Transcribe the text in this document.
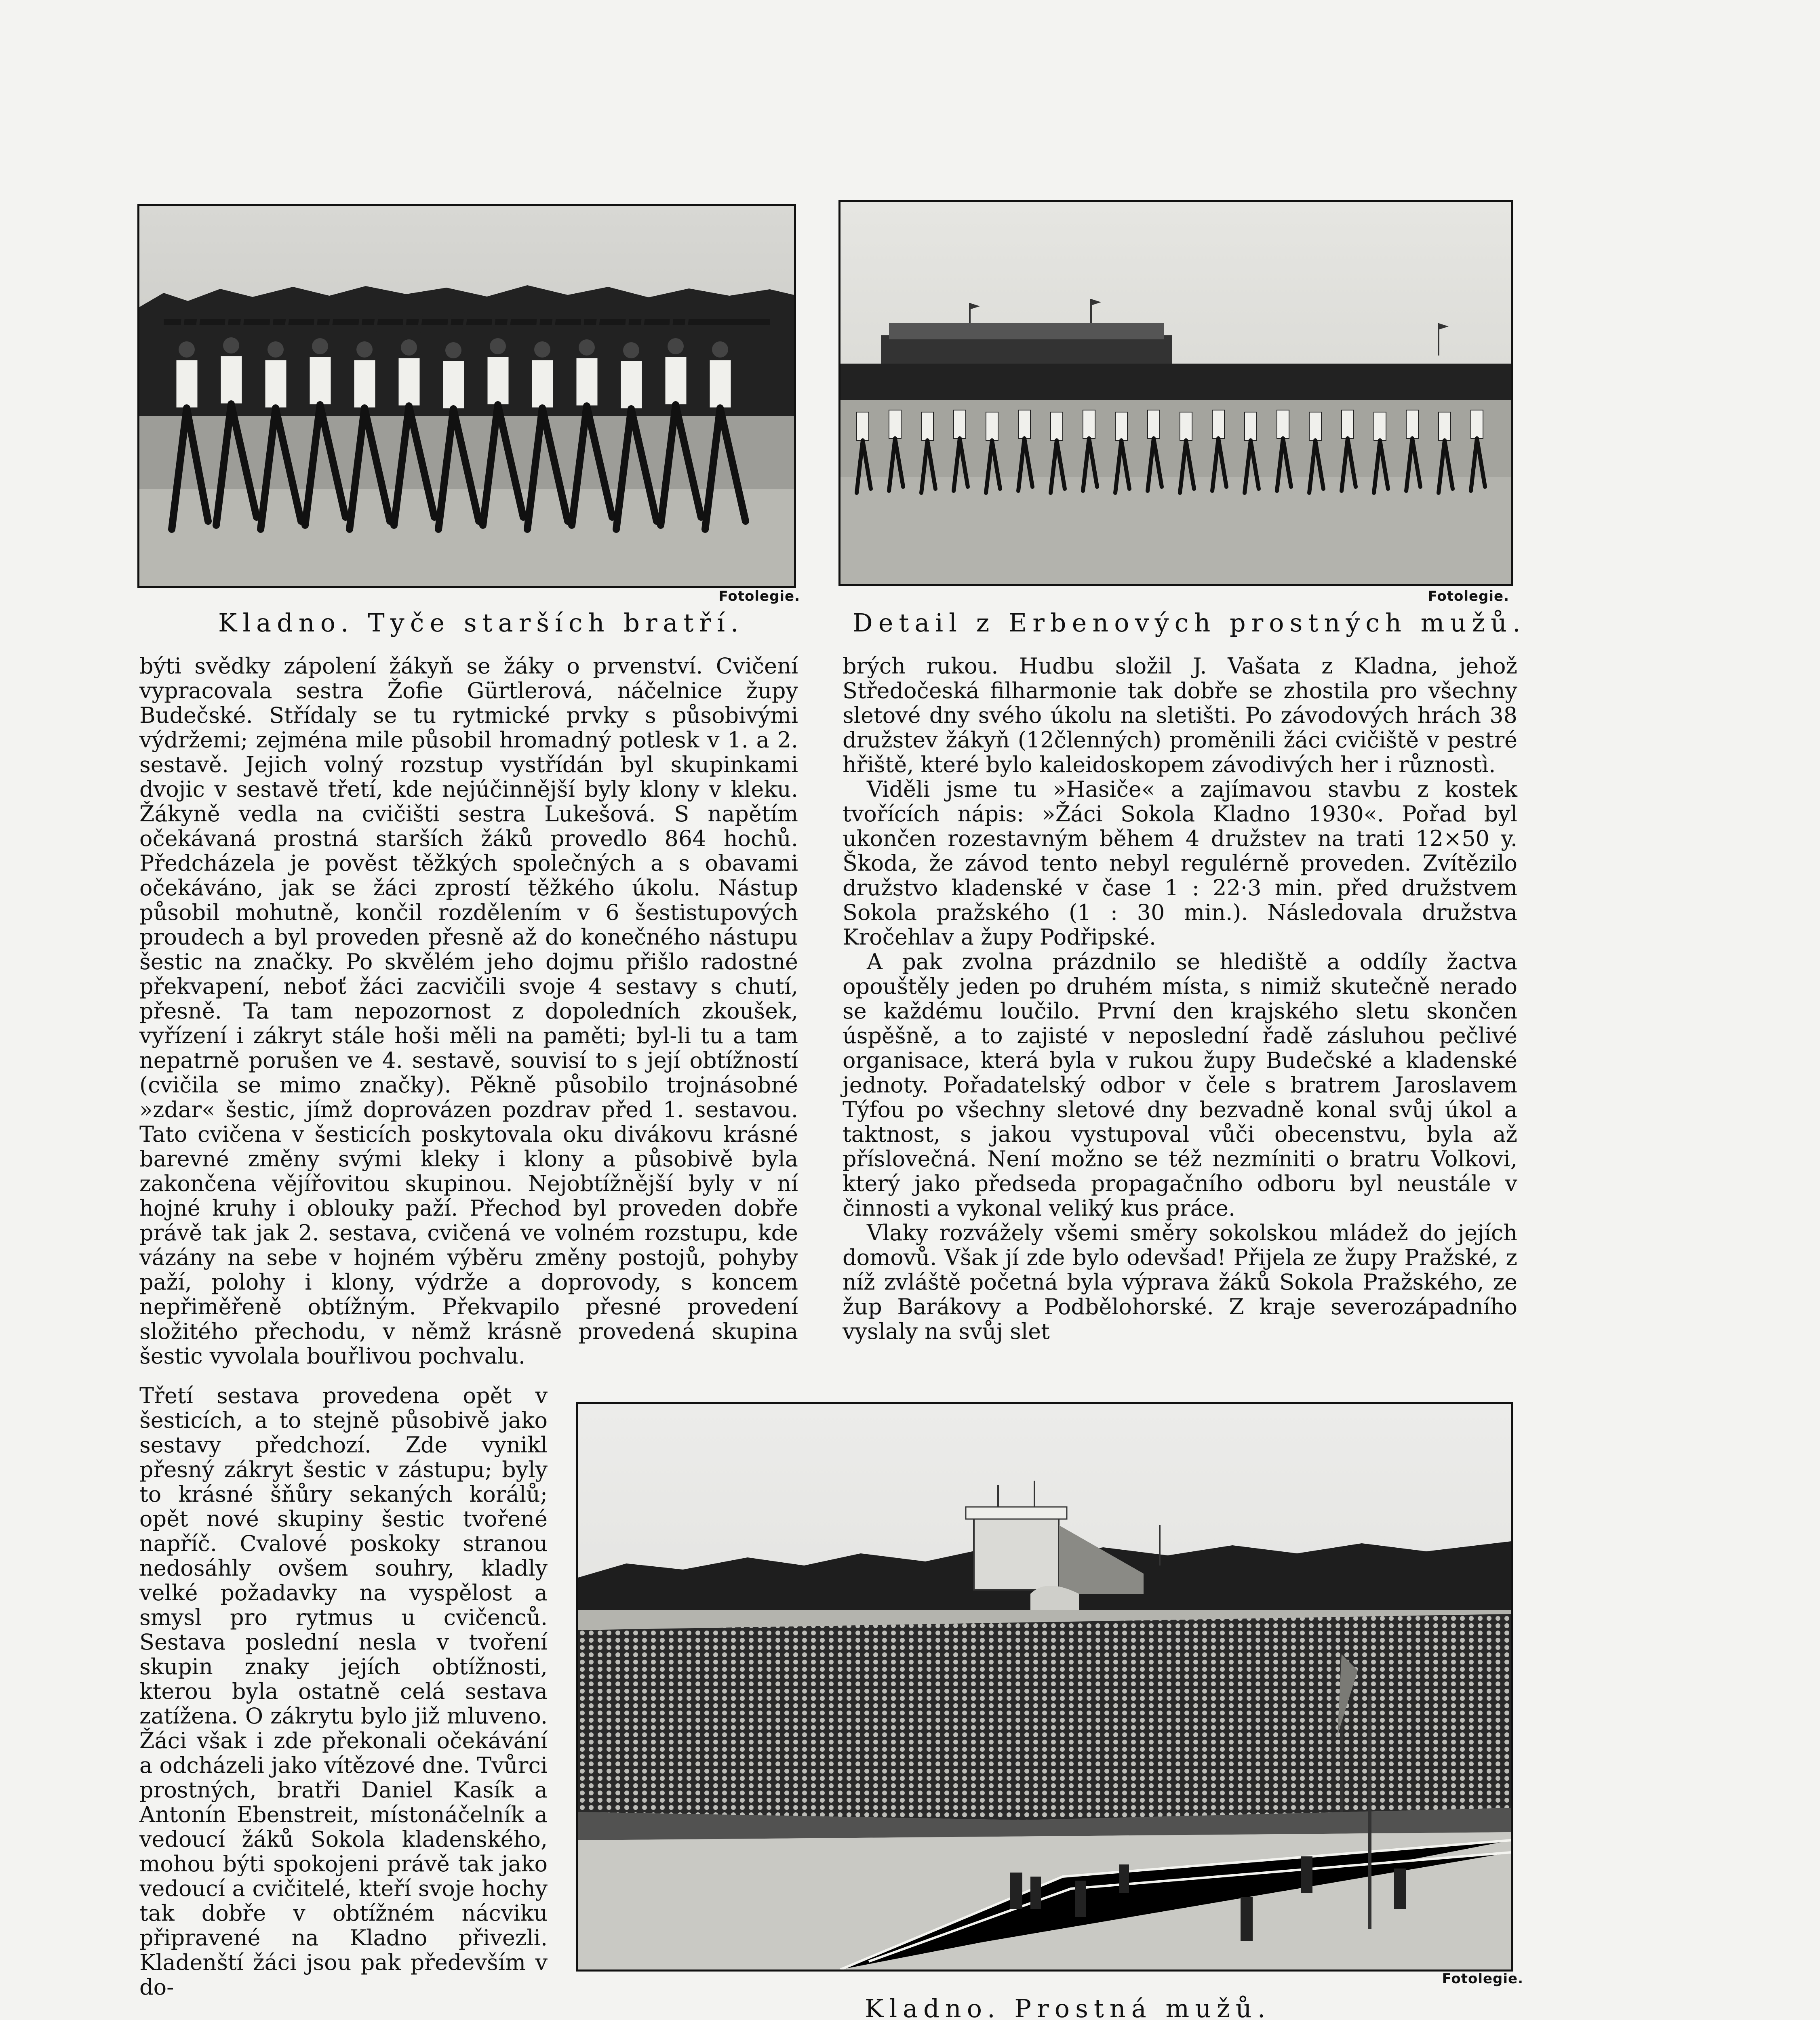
Fotolegie.
Kladno. Tyče starších bratří.
Fotolegie.
Detail z Erbenových prostných mužů.

býti svědky zápolení žákyň se žáky o prvenství. Cvičení vypracovala sestra Žofie Gürtlerová, náčelnice župy Budečské. Střídaly se tu rytmické prvky s působivými výdržemi; zejména mile působil hromadný potlesk v 1. a 2. sestavě. Jejich volný rozstup vystřídán byl skupinkami dvojic v sestavě třetí, kde nejúčinnější byly klony v kleku. Žákyně vedla na cvičišti sestra Lukešová. S napětím očekávaná prostná starších žáků provedlo 864 hochů. Předcházela je pověst těžkých společných a s obavami očekáváno, jak se žáci zprostí těžkého úkolu. Nástup působil mohutně, končil rozdělením v 6 šestistupových proudech a byl proveden přesně až do konečného nástupu šestic na značky. Po skvělém jeho dojmu přišlo radostné překvapení, neboť žáci zacvičili svoje 4 sestavy s chutí, přesně. Ta tam nepozornost z dopoledních zkoušek, vyřízení i zákryt stále hoši měli na paměti; byl-li tu a tam nepatrně porušen ve 4. sestavě, souvisí to s její obtížností (cvičila se mimo značky). Pěkně působilo trojnásobné »zdar« šestic, jímž doprovázen pozdrav před 1. sestavou. Tato cvičena v šesticích poskytovala oku divákovu krásné barevné změny svými kleky i klony a působivě byla zakončena vějířovitou skupinou. Nejobtížnější byly v ní hojné kruhy i oblouky paží. Přechod byl proveden dobře právě tak jak 2. sestava, cvičená ve volném rozstupu, kde vázány na sebe v hojném výběru změny postojů, pohyby paží, polohy i klony, výdrže a doprovody, s koncem nepřiměřeně obtížným. Překvapilo přesné provedení složitého přechodu, v němž krásně provedená skupina šestic vyvolala bouřlivou pochvalu.

Třetí sestava provedena opět v šesticích, a to stejně působivě jako sestavy předchozí. Zde vynikl přesný zákryt šestic v zástupu; byly to krásné šňůry sekaných korálů; opět nové skupiny šestic tvořené napříč. Cvalové poskoky stranou nedosáhly ovšem souhry, kladly velké požadavky na vyspělost a smysl pro rytmus u cvičenců. Sestava poslední nesla v tvoření skupin znaky jejích obtížnosti, kterou byla ostatně celá sestava zatížena. O zákrytu bylo již mluveno. Žáci však i zde překonali očekávání a odcházeli jako vítězové dne. Tvůrci prostných, bratři Daniel Kasík a Antonín Ebenstreit, místonáčelník a vedoucí žáků Sokola kladenského, mohou býti spokojeni právě tak jako vedoucí a cvičitelé, kteří svoje hochy tak dobře v obtížném nácviku připravené na Kladno přivezli. Kladenští žáci jsou pak především v do-

brých rukou. Hudbu složil J. Vašata z Kladna, jehož Středočeská filharmonie tak dobře se zhostila pro všechny sletové dny svého úkolu na sletišti. Po závodových hrách 38 družstev žákyň (12členných) proměnili žáci cvičiště v pestré hřiště, které bylo kaleidoskopem závodivých her i různostì.

Viděli jsme tu »Hasiče« a zajímavou stavbu z kostek tvořících nápis: »Žáci Sokola Kladno 1930«. Pořad byl ukončen rozestavným během 4 družstev na trati 12×50 y. Škoda, že závod tento nebyl regulérně proveden. Zvítězilo družstvo kladenské v čase 1 : 22·3 min. před družstvem Sokola pražského (1 : 30 min.). Následovala družstva Kročehlav a župy Podřipské.

A pak zvolna prázdnilo se hlediště a oddíly žactva opouštěly jeden po druhém místa, s nimiž skutečně nerado se každému loučilo. První den krajského sletu skončen úspěšně, a to zajisté v neposlední řadě zásluhou pečlivé organisace, která byla v rukou župy Budečské a kladenské jednoty. Pořadatelský odbor v čele s bratrem Jaroslavem Týfou po všechny sletové dny bezvadně konal svůj úkol a taktnost, s jakou vystupoval vůči obecenstvu, byla až příslovečná. Není možno se též nezmíniti o bratru Volkovi, který jako předseda propagačního odboru byl neustále v činnosti a vykonal veliký kus práce.

Vlaky rozvážely všemi směry sokolskou mládež do jejích domovů. Však jí zde bylo odevšad! Přijela ze župy Pražské, z níž zvláště početná byla výprava žáků Sokola Pražského, ze žup Barákovy a Podbělohorské. Z kraje severozápadního vyslaly na svůj slet

Fotolegie.
Kladno. Prostná mužů.
